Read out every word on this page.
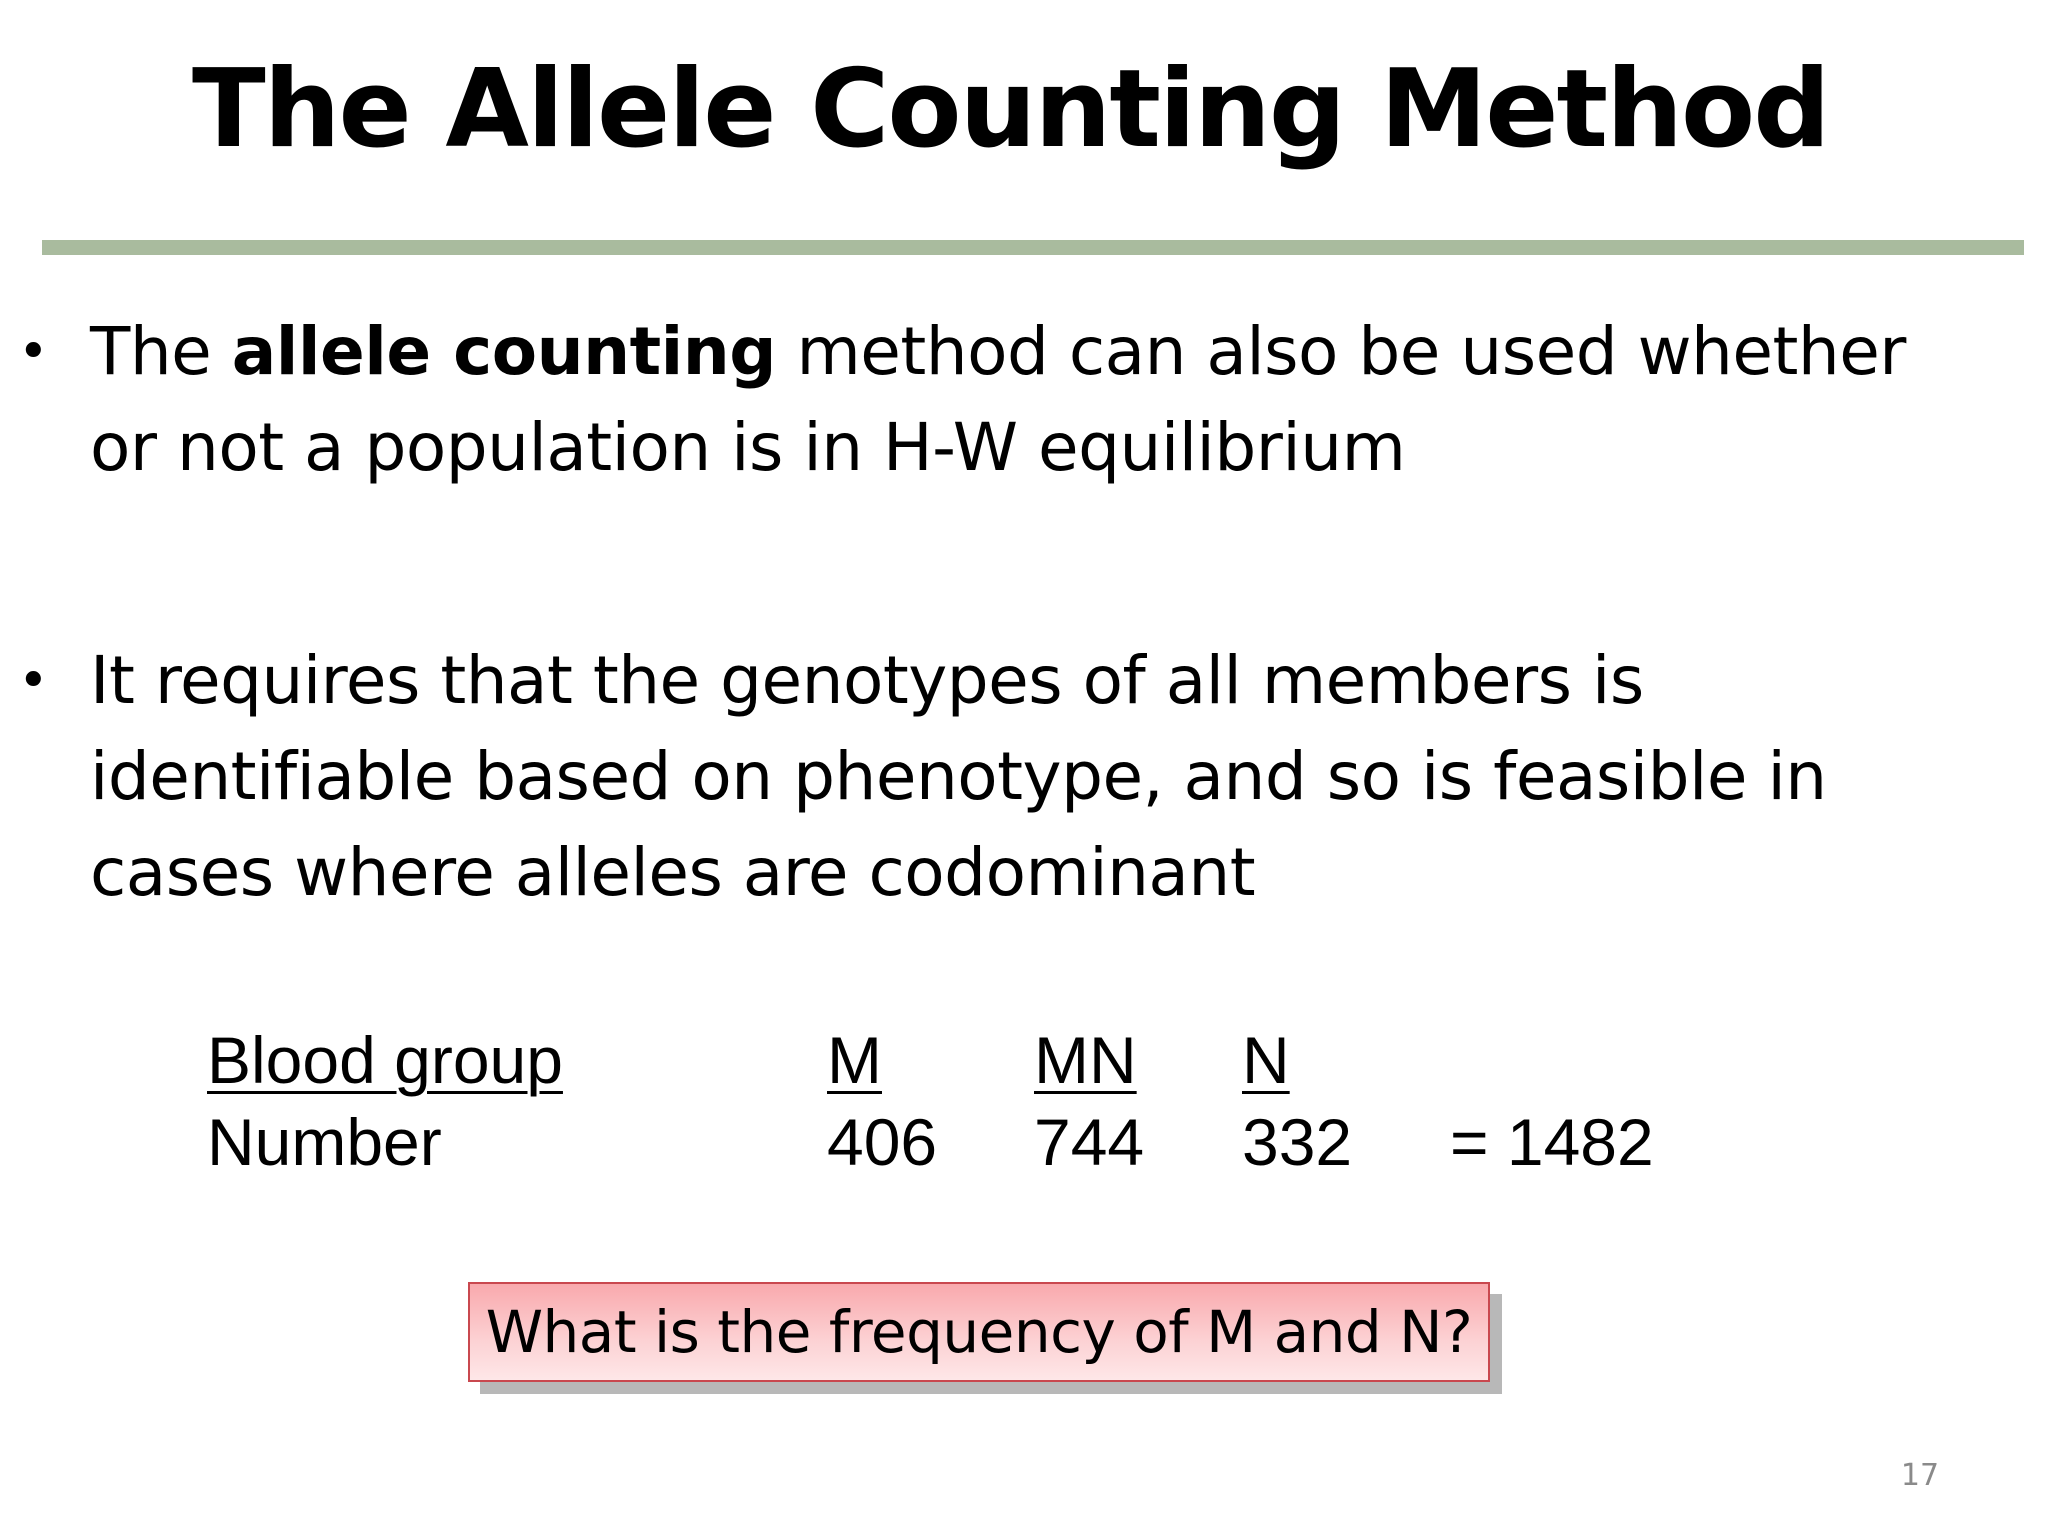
The Allele Counting Method
• The allele counting method can also be used whether or not a population is in H-W equilibrium
• It requires that the genotypes of all members is identifiable based on phenotype, and so is feasible in cases where alleles are codominant
Blood group	M MN N
Number	406 744 332 = 1482
What is the frequency of M and N?
17
